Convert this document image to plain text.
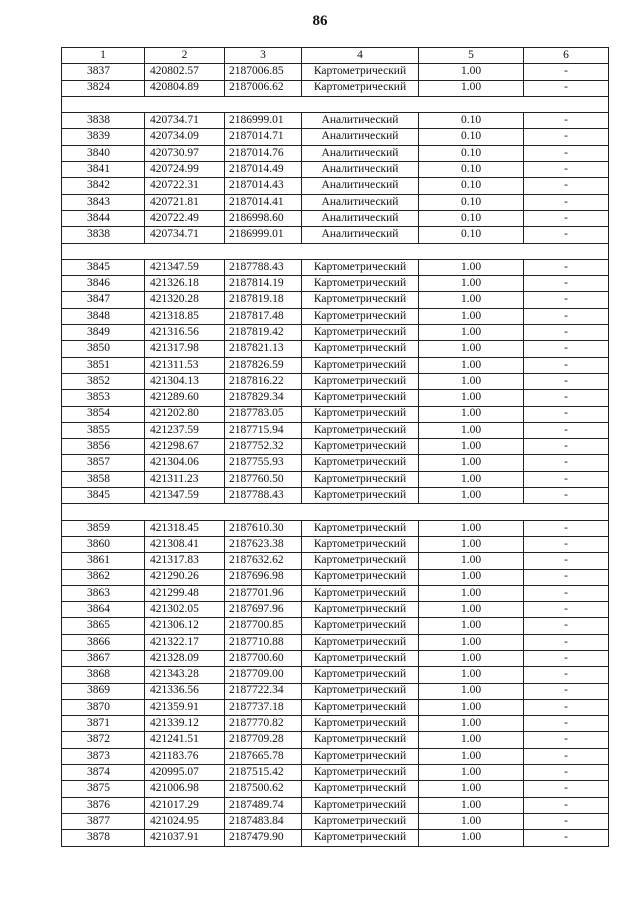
86
1	2	3	4	5	6
3837	420802.57	2187006.85	Картометрический	1.00	-
3824	420804.89	2187006.62	Картометрический	1.00	-

3838	420734.71	2186999.01	Аналитический	0.10	-
3839	420734.09	2187014.71	Аналитический	0.10	-
3840	420730.97	2187014.76	Аналитический	0.10	-
3841	420724.99	2187014.49	Аналитический	0.10	-
3842	420722.31	2187014.43	Аналитический	0.10	-
3843	420721.81	2187014.41	Аналитический	0.10	-
3844	420722.49	2186998.60	Аналитический	0.10	-
3838	420734.71	2186999.01	Аналитический	0.10	-

3845	421347.59	2187788.43	Картометрический	1.00	-
3846	421326.18	2187814.19	Картометрический	1.00	-
3847	421320.28	2187819.18	Картометрический	1.00	-
3848	421318.85	2187817.48	Картометрический	1.00	-
3849	421316.56	2187819.42	Картометрический	1.00	-
3850	421317.98	2187821.13	Картометрический	1.00	-
3851	421311.53	2187826.59	Картометрический	1.00	-
3852	421304.13	2187816.22	Картометрический	1.00	-
3853	421289.60	2187829.34	Картометрический	1.00	-
3854	421202.80	2187783.05	Картометрический	1.00	-
3855	421237.59	2187715.94	Картометрический	1.00	-
3856	421298.67	2187752.32	Картометрический	1.00	-
3857	421304.06	2187755.93	Картометрический	1.00	-
3858	421311.23	2187760.50	Картометрический	1.00	-
3845	421347.59	2187788.43	Картометрический	1.00	-

3859	421318.45	2187610.30	Картометрический	1.00	-
3860	421308.41	2187623.38	Картометрический	1.00	-
3861	421317.83	2187632.62	Картометрический	1.00	-
3862	421290.26	2187696.98	Картометрический	1.00	-
3863	421299.48	2187701.96	Картометрический	1.00	-
3864	421302.05	2187697.96	Картометрический	1.00	-
3865	421306.12	2187700.85	Картометрический	1.00	-
3866	421322.17	2187710.88	Картометрический	1.00	-
3867	421328.09	2187700.60	Картометрический	1.00	-
3868	421343.28	2187709.00	Картометрический	1.00	-
3869	421336.56	2187722.34	Картометрический	1.00	-
3870	421359.91	2187737.18	Картометрический	1.00	-
3871	421339.12	2187770.82	Картометрический	1.00	-
3872	421241.51	2187709.28	Картометрический	1.00	-
3873	421183.76	2187665.78	Картометрический	1.00	-
3874	420995.07	2187515.42	Картометрический	1.00	-
3875	421006.98	2187500.62	Картометрический	1.00	-
3876	421017.29	2187489.74	Картометрический	1.00	-
3877	421024.95	2187483.84	Картометрический	1.00	-
3878	421037.91	2187479.90	Картометрический	1.00	-
